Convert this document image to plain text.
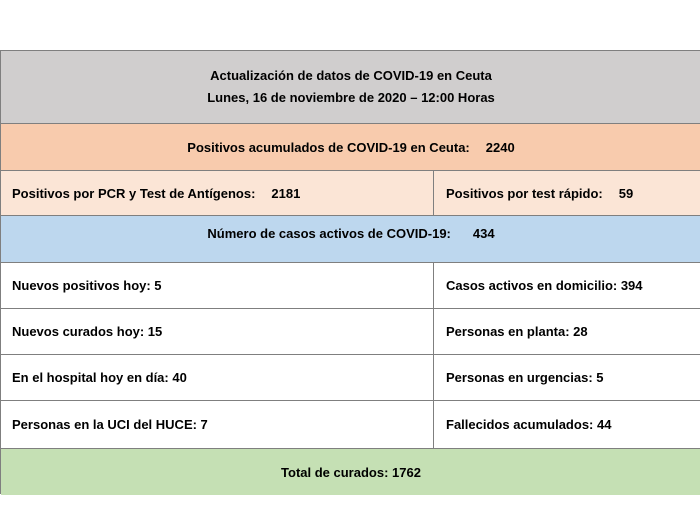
Actualización de datos de COVID-19 en Ceuta
Lunes, 16 de noviembre de 2020 – 12:00 Horas
Positivos acumulados de COVID-19 en Ceuta: 2240
Positivos por PCR y Test de Antígenos: 2181	Positivos por test rápido: 59
Número de casos activos de COVID-19: 434
Nuevos positivos hoy: 5	Casos activos en domicilio: 394
Nuevos curados hoy: 15	Personas en planta: 28
En el hospital hoy en día: 40	Personas en urgencias: 5
Personas en la UCI del HUCE: 7	Fallecidos acumulados: 44
Total de curados: 1762
